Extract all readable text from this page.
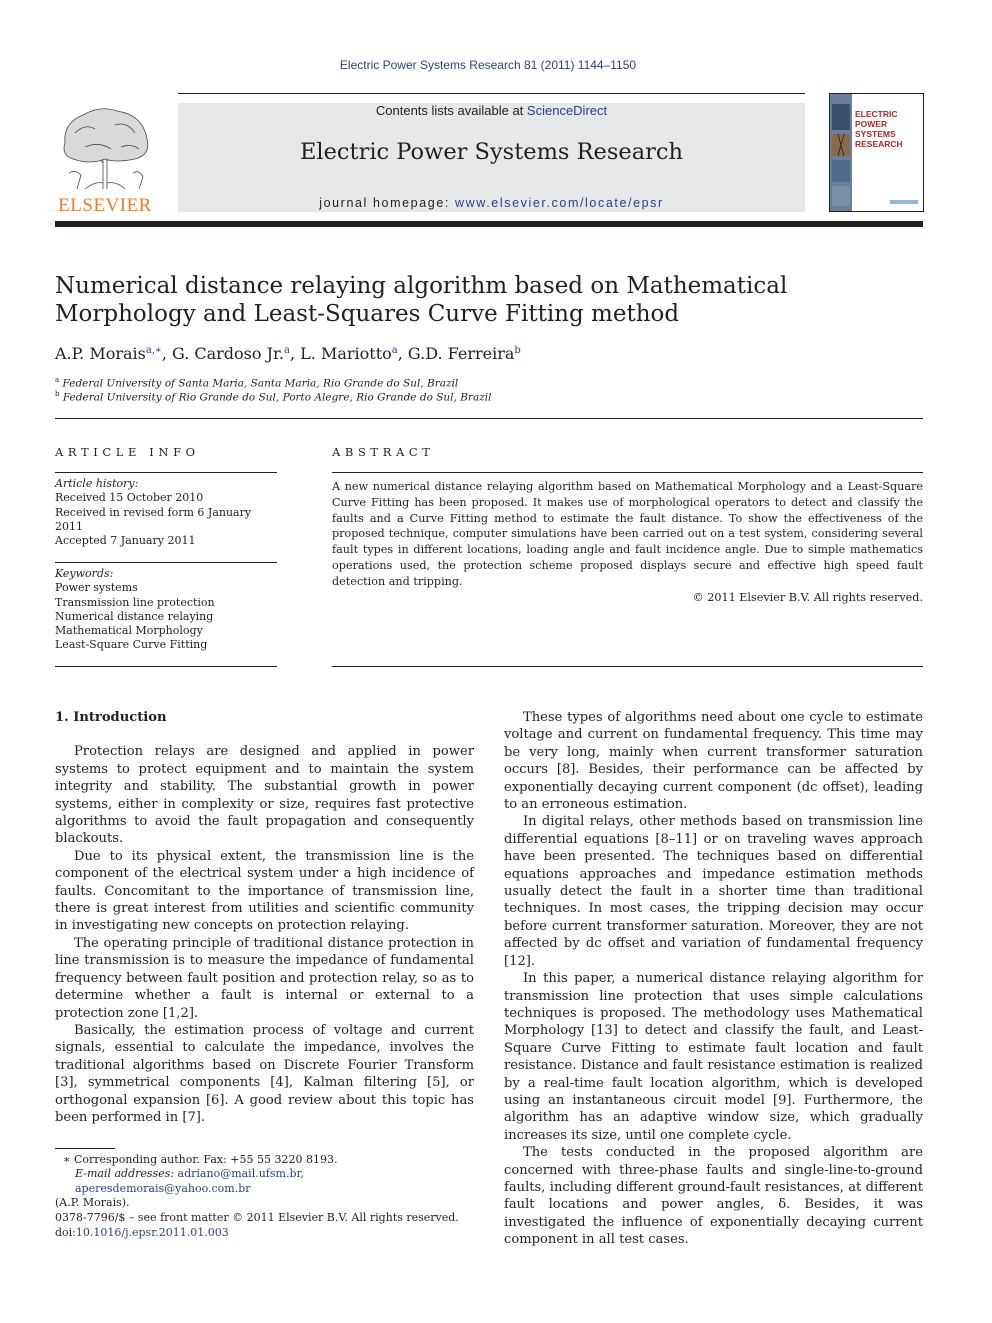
Electric Power Systems Research 81 (2011) 1144–1150
ELSEVIER
Contents lists available at ScienceDirect
Electric Power Systems Research
journal homepage: www.elsevier.com/locate/epsr
ELECTRIC POWER SYSTEMS RESEARCH
Numerical distance relaying algorithm based on Mathematical Morphology and Least-Squares Curve Fitting method
A.P. Morais$^{a,∗}$, G. Cardoso Jr.$^a$, L. Mariotto$^a$, G.D. Ferreira$^b$
$^a$ Federal University of Santa Maria, Santa Maria, Rio Grande do Sul, Brazil
$^b$ Federal University of Rio Grande do Sul, Porto Alegre, Rio Grande do Sul, Brazil
ARTICLE INFO
Article history:
Received 15 October 2010
Received in revised form 6 January 2011
Accepted 7 January 2011
Keywords:
Power systems
Transmission line protection
Numerical distance relaying
Mathematical Morphology
Least-Square Curve Fitting
ABSTRACT
A new numerical distance relaying algorithm based on Mathematical Morphology and a Least-Square Curve Fitting has been proposed. It makes use of morphological operators to detect and classify the faults and a Curve Fitting method to estimate the fault distance. To show the effectiveness of the proposed technique, computer simulations have been carried out on a test system, considering several fault types in different locations, loading angle and fault incidence angle. Due to simple mathematics operations used, the protection scheme proposed displays secure and effective high speed fault detection and tripping.
© 2011 Elsevier B.V. All rights reserved.
1. Introduction

Protection relays are designed and applied in power systems to protect equipment and to maintain the system integrity and stability. The substantial growth in power systems, either in complexity or size, requires fast protective algorithms to avoid the fault propagation and consequently blackouts.

Due to its physical extent, the transmission line is the component of the electrical system under a high incidence of faults. Concomitant to the importance of transmission line, there is great interest from utilities and scientific community in investigating new concepts on protection relaying.

The operating principle of traditional distance protection in line transmission is to measure the impedance of fundamental frequency between fault position and protection relay, so as to determine whether a fault is internal or external to a protection zone [1,2].

Basically, the estimation process of voltage and current signals, essential to calculate the impedance, involves the traditional algorithms based on Discrete Fourier Transform [3], symmetrical components [4], Kalman filtering [5], or orthogonal expansion [6]. A good review about this topic has been performed in [7].

These types of algorithms need about one cycle to estimate voltage and current on fundamental frequency. This time may be very long, mainly when current transformer saturation occurs [8]. Besides, their performance can be affected by exponentially decaying current component (dc offset), leading to an erroneous estimation.

In digital relays, other methods based on transmission line differential equations [8–11] or on traveling waves approach have been presented. The techniques based on differential equations approaches and impedance estimation methods usually detect the fault in a shorter time than traditional techniques. In most cases, the tripping decision may occur before current transformer saturation. Moreover, they are not affected by dc offset and variation of fundamental frequency [12].

In this paper, a numerical distance relaying algorithm for transmission line protection that uses simple calculations techniques is proposed. The methodology uses Mathematical Morphology [13] to detect and classify the fault, and Least-Square Curve Fitting to estimate fault location and fault resistance. Distance and fault resistance estimation is realized by a real-time fault location algorithm, which is developed using an instantaneous circuit model [9]. Furthermore, the algorithm has an adaptive window size, which gradually increases its size, until one complete cycle.

The tests conducted in the proposed algorithm are concerned with three-phase faults and single-line-to-ground faults, including different ground-fault resistances, at different fault locations and power angles, δ. Besides, it was investigated the influence of exponentially decaying current component in all test cases.

∗ Corresponding author. Fax: +55 55 3220 8193.
E-mail addresses: adriano@mail.ufsm.br, aperesdemorais@yahoo.com.br
(A.P. Morais).
0378-7796/$ – see front matter © 2011 Elsevier B.V. All rights reserved.
doi:10.1016/j.epsr.2011.01.003
